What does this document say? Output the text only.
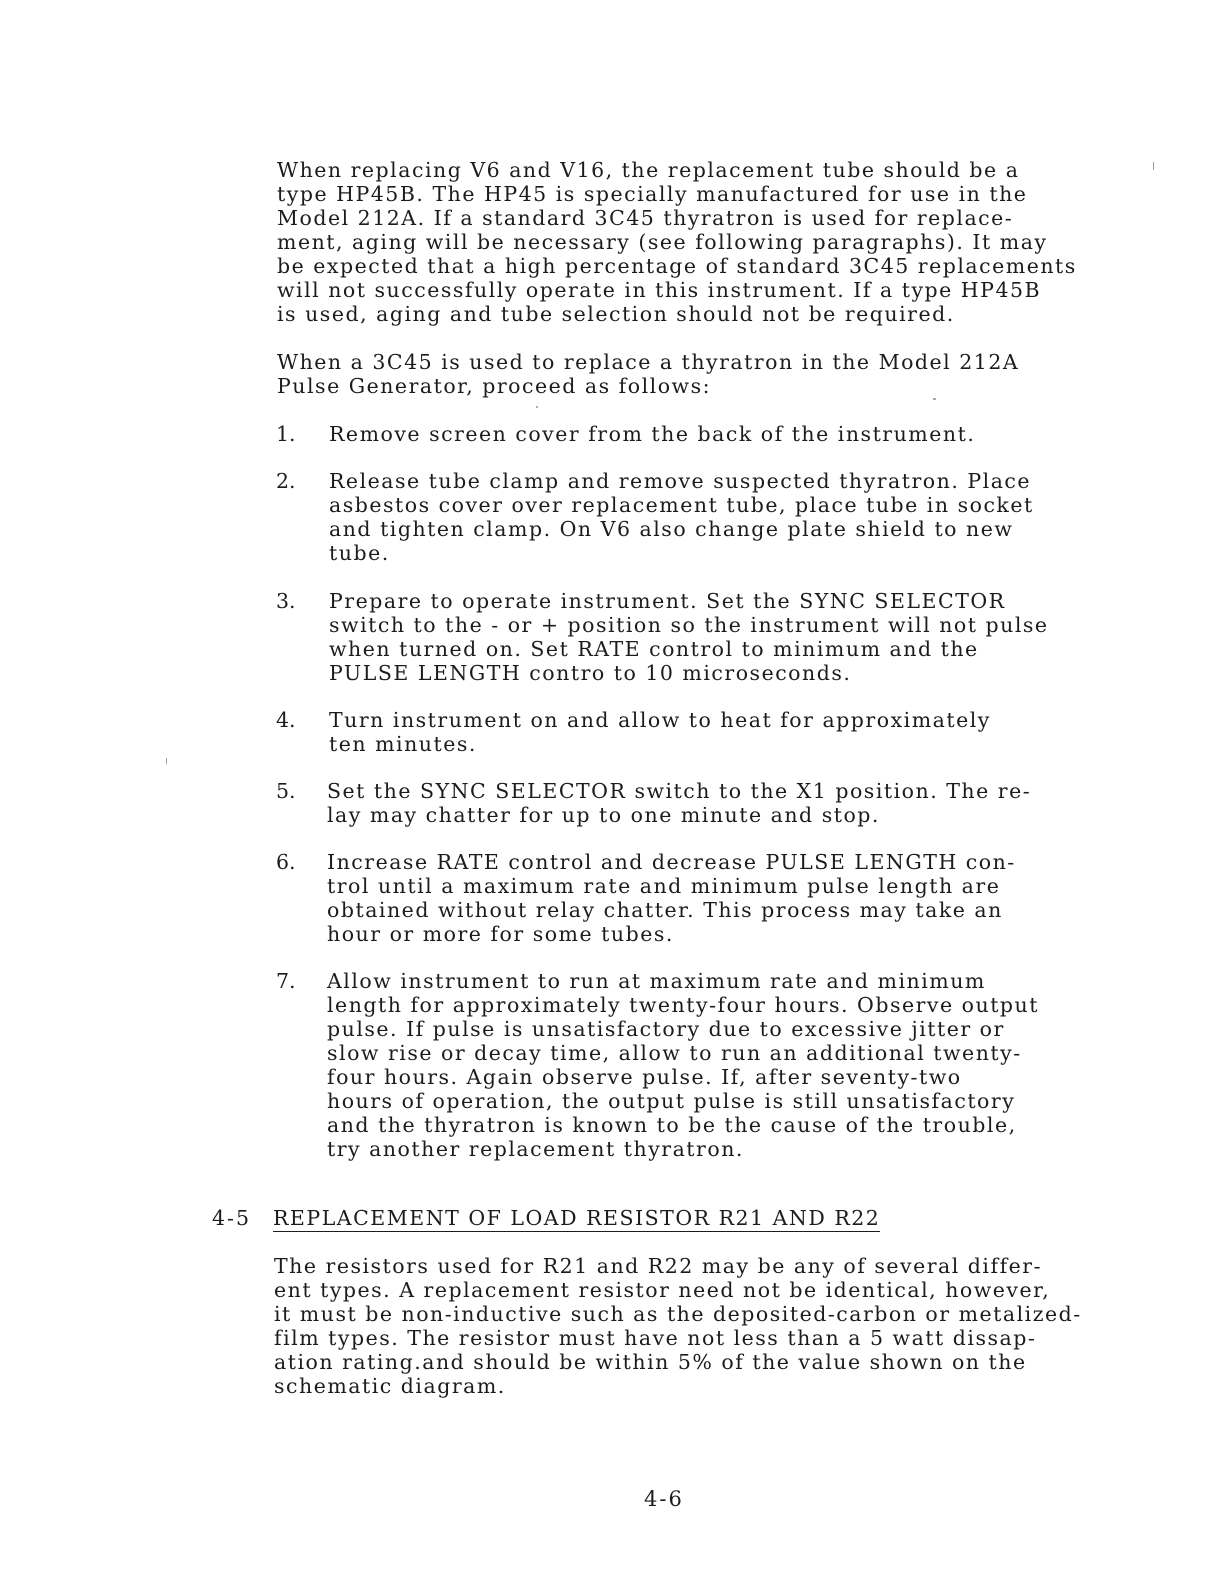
When replacing V6 and V16, the replacement tube should be a
type HP45B. The HP45 is specially manufactured for use in the
Model 212A. If a standard 3C45 thyratron is used for replace-
ment, aging will be necessary (see following paragraphs). It may
be expected that a high percentage of standard 3C45 replacements
will not successfully operate in this instrument. If a type HP45B
is used, aging and tube selection should not be required.
When a 3C45 is used to replace a thyratron in the Model 212A
Pulse Generator, proceed as follows:
1. Remove screen cover from the back of the instrument.
2. Release tube clamp and remove suspected thyratron. Place
asbestos cover over replacement tube, place tube in socket
and tighten clamp. On V6 also change plate shield to new
tube.
3. Prepare to operate instrument. Set the SYNC SELECTOR
switch to the - or + position so the instrument will not pulse
when turned on. Set RATE control to minimum and the
PULSE LENGTH contro to 10 microseconds.
4. Turn instrument on and allow to heat for approximately
ten minutes.
5. Set the SYNC SELECTOR switch to the X1 position. The re-
lay may chatter for up to one minute and stop.
6. Increase RATE control and decrease PULSE LENGTH con-
trol until a maximum rate and minimum pulse length are
obtained without relay chatter. This process may take an
hour or more for some tubes.
7. Allow instrument to run at maximum rate and minimum
length for approximately twenty-four hours. Observe output
pulse. If pulse is unsatisfactory due to excessive jitter or
slow rise or decay time, allow to run an additional twenty-
four hours. Again observe pulse. If, after seventy-two
hours of operation, the output pulse is still unsatisfactory
and the thyratron is known to be the cause of the trouble,
try another replacement thyratron.
4-5 REPLACEMENT OF LOAD RESISTOR R21 AND R22
The resistors used for R21 and R22 may be any of several differ-
ent types. A replacement resistor need not be identical, however,
it must be non-inductive such as the deposited-carbon or metalized-
film types. The resistor must have not less than a 5 watt dissap-
ation rating.and should be within 5% of the value shown on the
schematic diagram.
4-6
